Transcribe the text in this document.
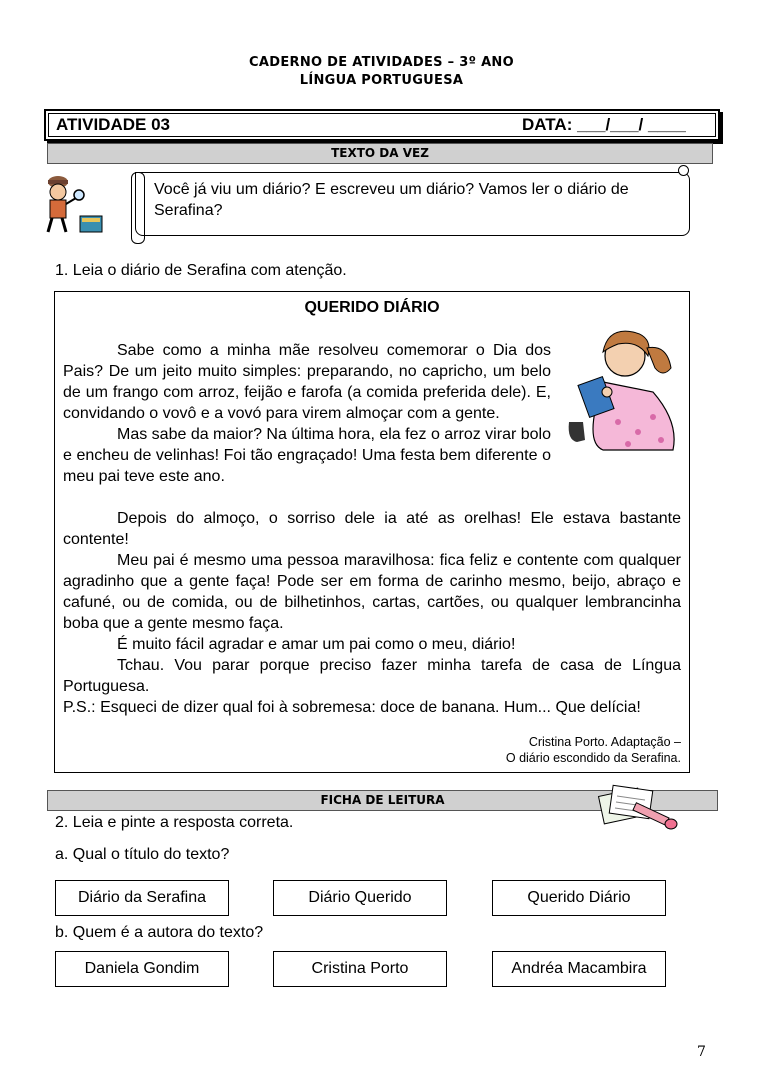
CADERNO DE ATIVIDADES – 3º ANO
LÍNGUA PORTUGUESA
ATIVIDADE 03	DATA: ___/___/ ____
TEXTO DA VEZ
Você já viu um diário? E escreveu um diário? Vamos ler o diário de Serafina?
1. Leia o diário de Serafina com atenção.
QUERIDO DIÁRIO

Sabe como a minha mãe resolveu comemorar o Dia dos Pais? De um jeito muito simples: preparando, no capricho, um belo de um frango com arroz, feijão e farofa (a comida preferida dele). E, convidando o vovô e a vovó para virem almoçar com a gente.

Mas sabe da maior? Na última hora, ela fez o arroz virar bolo e encheu de velinhas! Foi tão engraçado! Uma festa bem diferente o meu pai teve este ano.

Depois do almoço, o sorriso dele ia até as orelhas! Ele estava bastante contente!

Meu pai é mesmo uma pessoa maravilhosa: fica feliz e contente com qualquer agradinho que a gente faça! Pode ser em forma de carinho mesmo, beijo, abraço e cafuné, ou de comida, ou de bilhetinhos, cartas, cartões, ou qualquer lembrancinha boba que a gente mesmo faça.

É muito fácil agradar e amar um pai como o meu, diário!

Tchau. Vou parar porque preciso fazer minha tarefa de casa de Língua Portuguesa.

P.S.: Esqueci de dizer qual foi à sobremesa: doce de banana. Hum... Que delícia!

Cristina Porto. Adaptação –
O diário escondido da Serafina.
FICHA DE LEITURA
2. Leia e pinte a resposta correta.
a. Qual o título do texto?
Diário da Serafina	Diário Querido	Querido Diário
b. Quem é a autora do texto?
Daniela Gondim	Cristina Porto	Andréa Macambira
7
